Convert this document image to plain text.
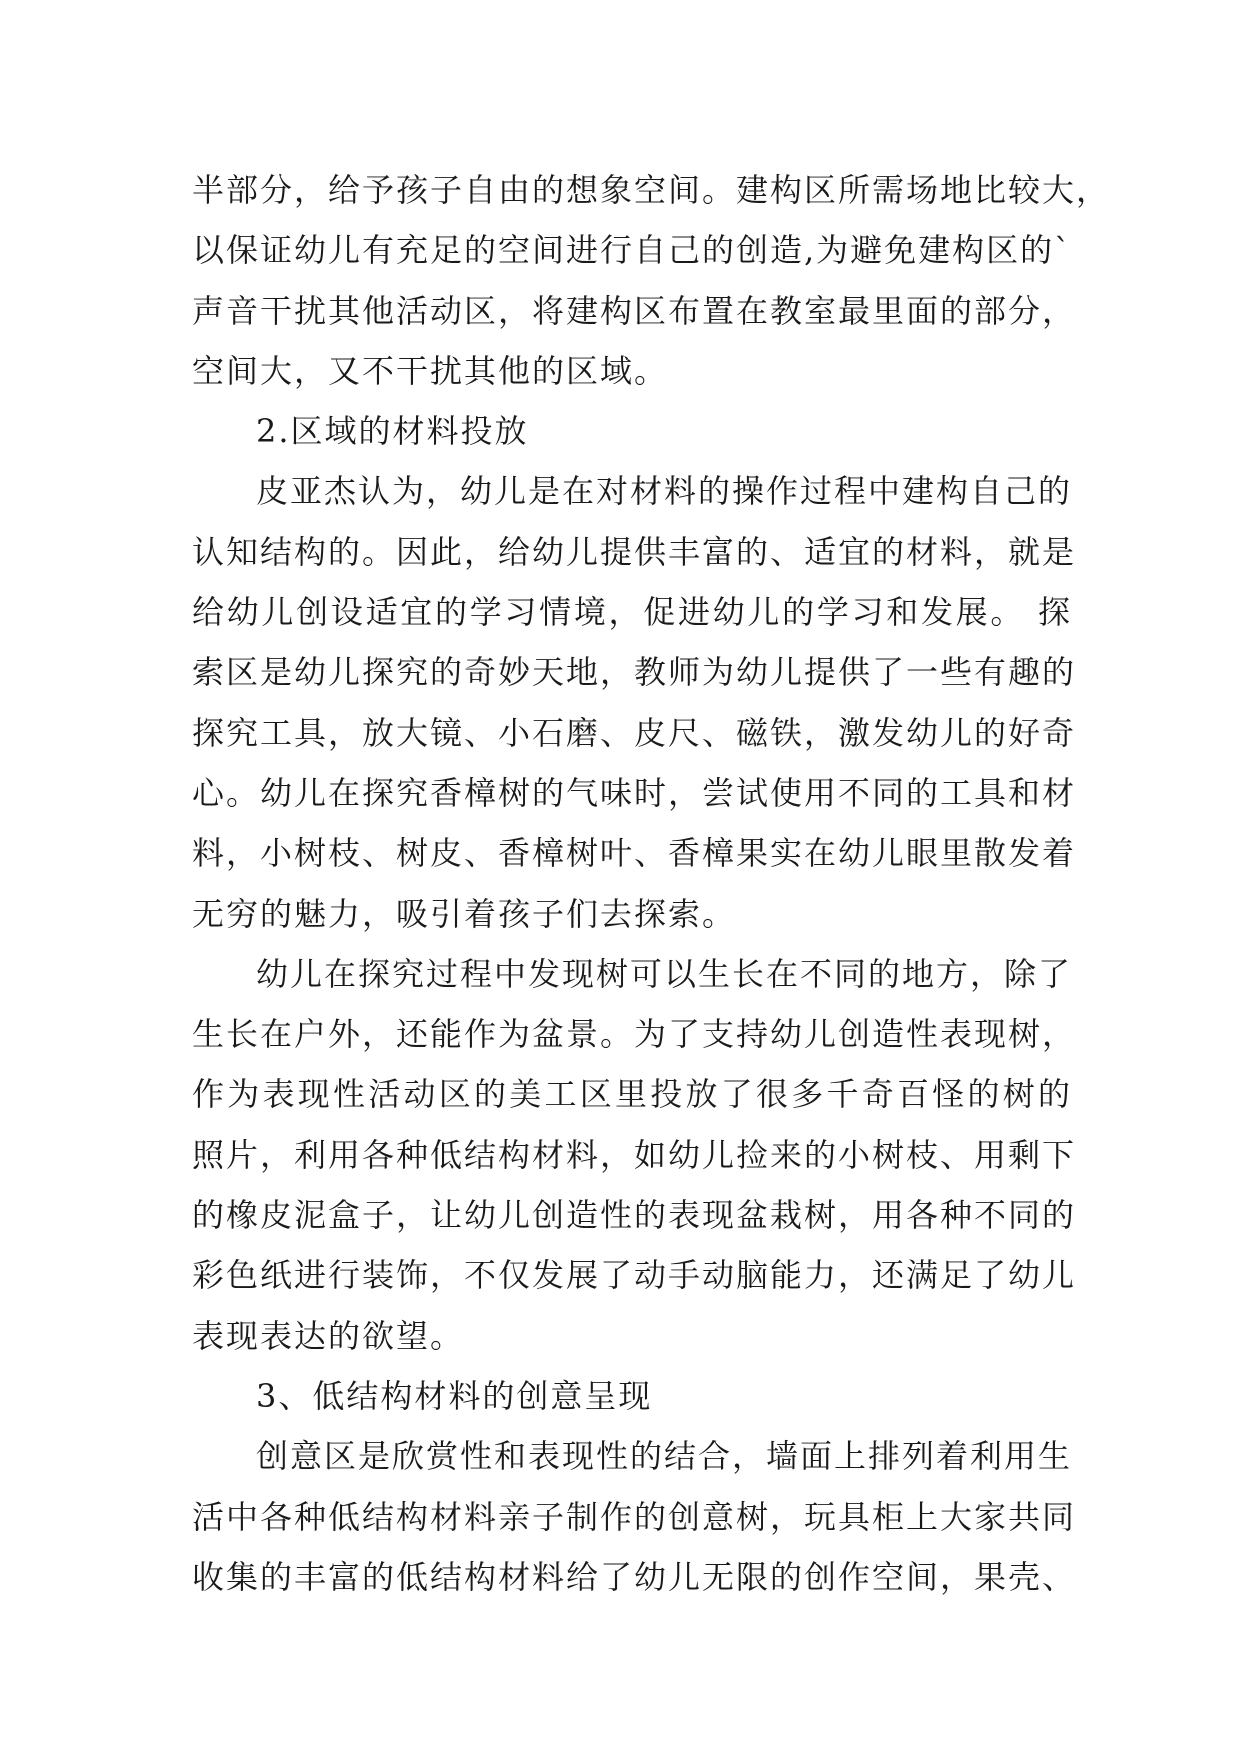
半部分，给予孩子自由的想象空间。建构区所需场地比较大，
以保证幼儿有充足的空间进行自己的创造,为避免建构区的`
声音干扰其他活动区，将建构区布置在教室最里面的部分，
空间大，又不干扰其他的区域。
2.区域的材料投放
皮亚杰认为，幼儿是在对材料的操作过程中建构自己的
认知结构的。因此，给幼儿提供丰富的、适宜的材料，就是
给幼儿创设适宜的学习情境，促进幼儿的学习和发展。 探
索区是幼儿探究的奇妙天地，教师为幼儿提供了一些有趣的
探究工具，放大镜、小石磨、皮尺、磁铁，激发幼儿的好奇
心。幼儿在探究香樟树的气味时，尝试使用不同的工具和材
料，小树枝、树皮、香樟树叶、香樟果实在幼儿眼里散发着
无穷的魅力，吸引着孩子们去探索。
幼儿在探究过程中发现树可以生长在不同的地方，除了
生长在户外，还能作为盆景。为了支持幼儿创造性表现树，
作为表现性活动区的美工区里投放了很多千奇百怪的树的
照片，利用各种低结构材料，如幼儿捡来的小树枝、用剩下
的橡皮泥盒子，让幼儿创造性的表现盆栽树，用各种不同的
彩色纸进行装饰，不仅发展了动手动脑能力，还满足了幼儿
表现表达的欲望。
3、低结构材料的创意呈现
创意区是欣赏性和表现性的结合，墙面上排列着利用生
活中各种低结构材料亲子制作的创意树，玩具柜上大家共同
收集的丰富的低结构材料给了幼儿无限的创作空间，果壳、
